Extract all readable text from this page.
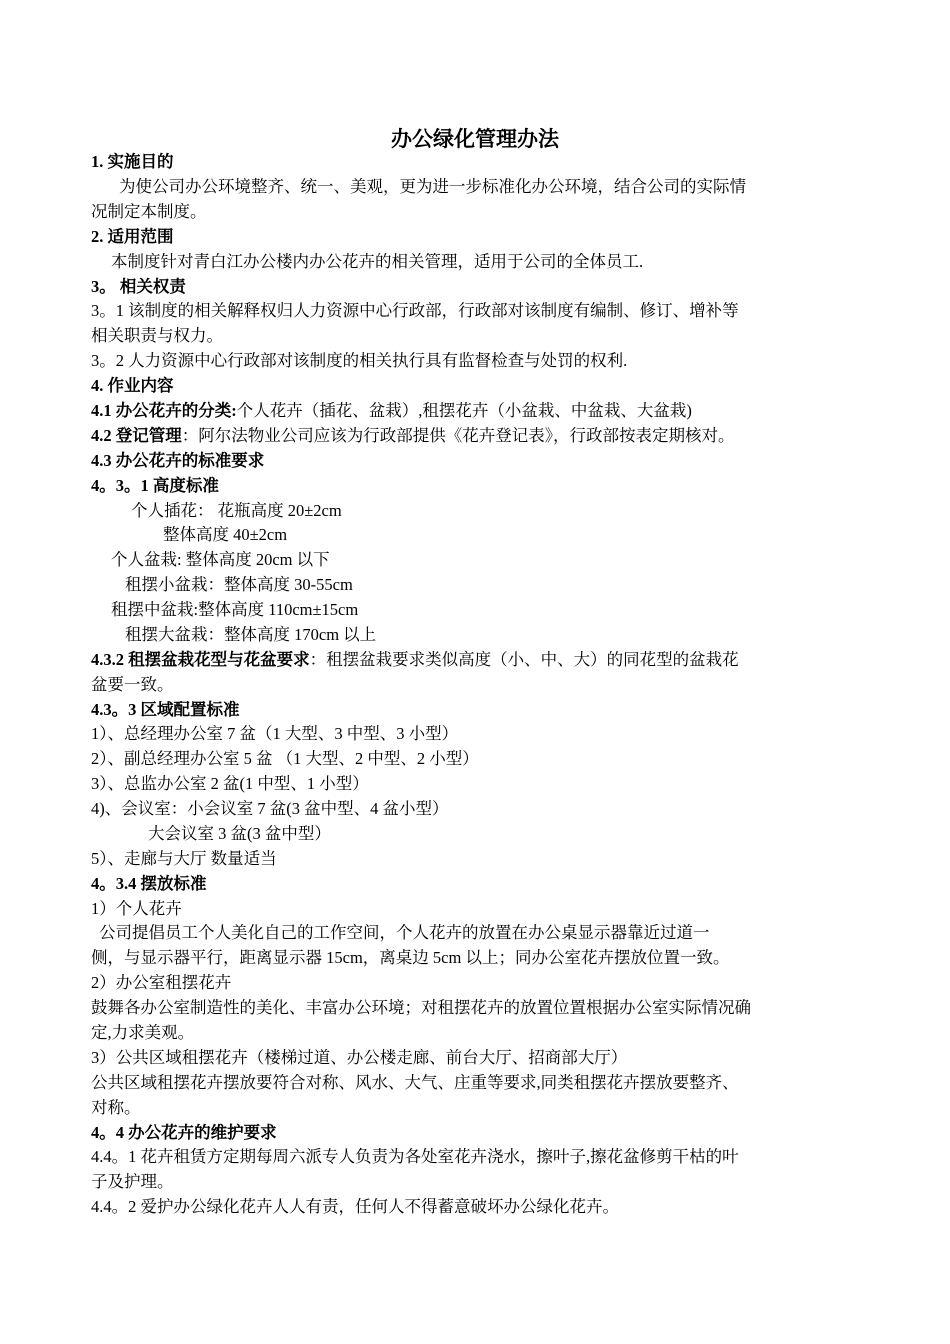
办公绿化管理办法
1. 实施目的
为使公司办公环境整齐、统一、美观，更为进一步标准化办公环境，结合公司的实际情
况制定本制度。
2. 适用范围
本制度针对青白江办公楼内办公花卉的相关管理，适用于公司的全体员工.
3。 相关权责
3。1 该制度的相关解释权归人力资源中心行政部，行政部对该制度有编制、修订、增补等
相关职责与权力。
3。2 人力资源中心行政部对该制度的相关执行具有监督检查与处罚的权利.
4. 作业内容
4.1 办公花卉的分类:个人花卉（插花、盆栽）,租摆花卉（小盆栽、中盆栽、大盆栽)
4.2 登记管理：阿尔法物业公司应该为行政部提供《花卉登记表》，行政部按表定期核对。
4.3 办公花卉的标准要求
4。3。1 高度标准
个人插花： 花瓶高度 20±2cm
整体高度 40±2cm
个人盆栽: 整体高度 20cm 以下
租摆小盆栽：整体高度 30-55cm
租摆中盆栽:整体高度 110cm±15cm
租摆大盆栽：整体高度 170cm 以上
4.3.2 租摆盆栽花型与花盆要求：租摆盆栽要求类似高度（小、中、大）的同花型的盆栽花
盆要一致。
4.3。3 区域配置标准
1）、总经理办公室 7 盆（1 大型、3 中型、3 小型）
2）、副总经理办公室 5 盆 （1 大型、2 中型、2 小型）
3）、总监办公室 2 盆(1 中型、1 小型）
4)、会议室：小会议室 7 盆(3 盆中型、4 盆小型）
大会议室 3 盆(3 盆中型）
5）、走廊与大厅 数量适当
4。3.4 摆放标准
1）个人花卉
公司提倡员工个人美化自己的工作空间，个人花卉的放置在办公桌显示器靠近过道一
侧，与显示器平行，距离显示器 15cm，离桌边 5cm 以上；同办公室花卉摆放位置一致。
2）办公室租摆花卉
鼓舞各办公室制造性的美化、丰富办公环境；对租摆花卉的放置位置根据办公室实际情况确
定,力求美观。
3）公共区域租摆花卉（楼梯过道、办公楼走廊、前台大厅、招商部大厅）
公共区域租摆花卉摆放要符合对称、风水、大气、庄重等要求,同类租摆花卉摆放要整齐、
对称。
4。4 办公花卉的维护要求
4.4。1 花卉租赁方定期每周六派专人负责为各处室花卉浇水，擦叶子,擦花盆修剪干枯的叶
子及护理。
4.4。2 爱护办公绿化花卉人人有责，任何人不得蓄意破坏办公绿化花卉。
